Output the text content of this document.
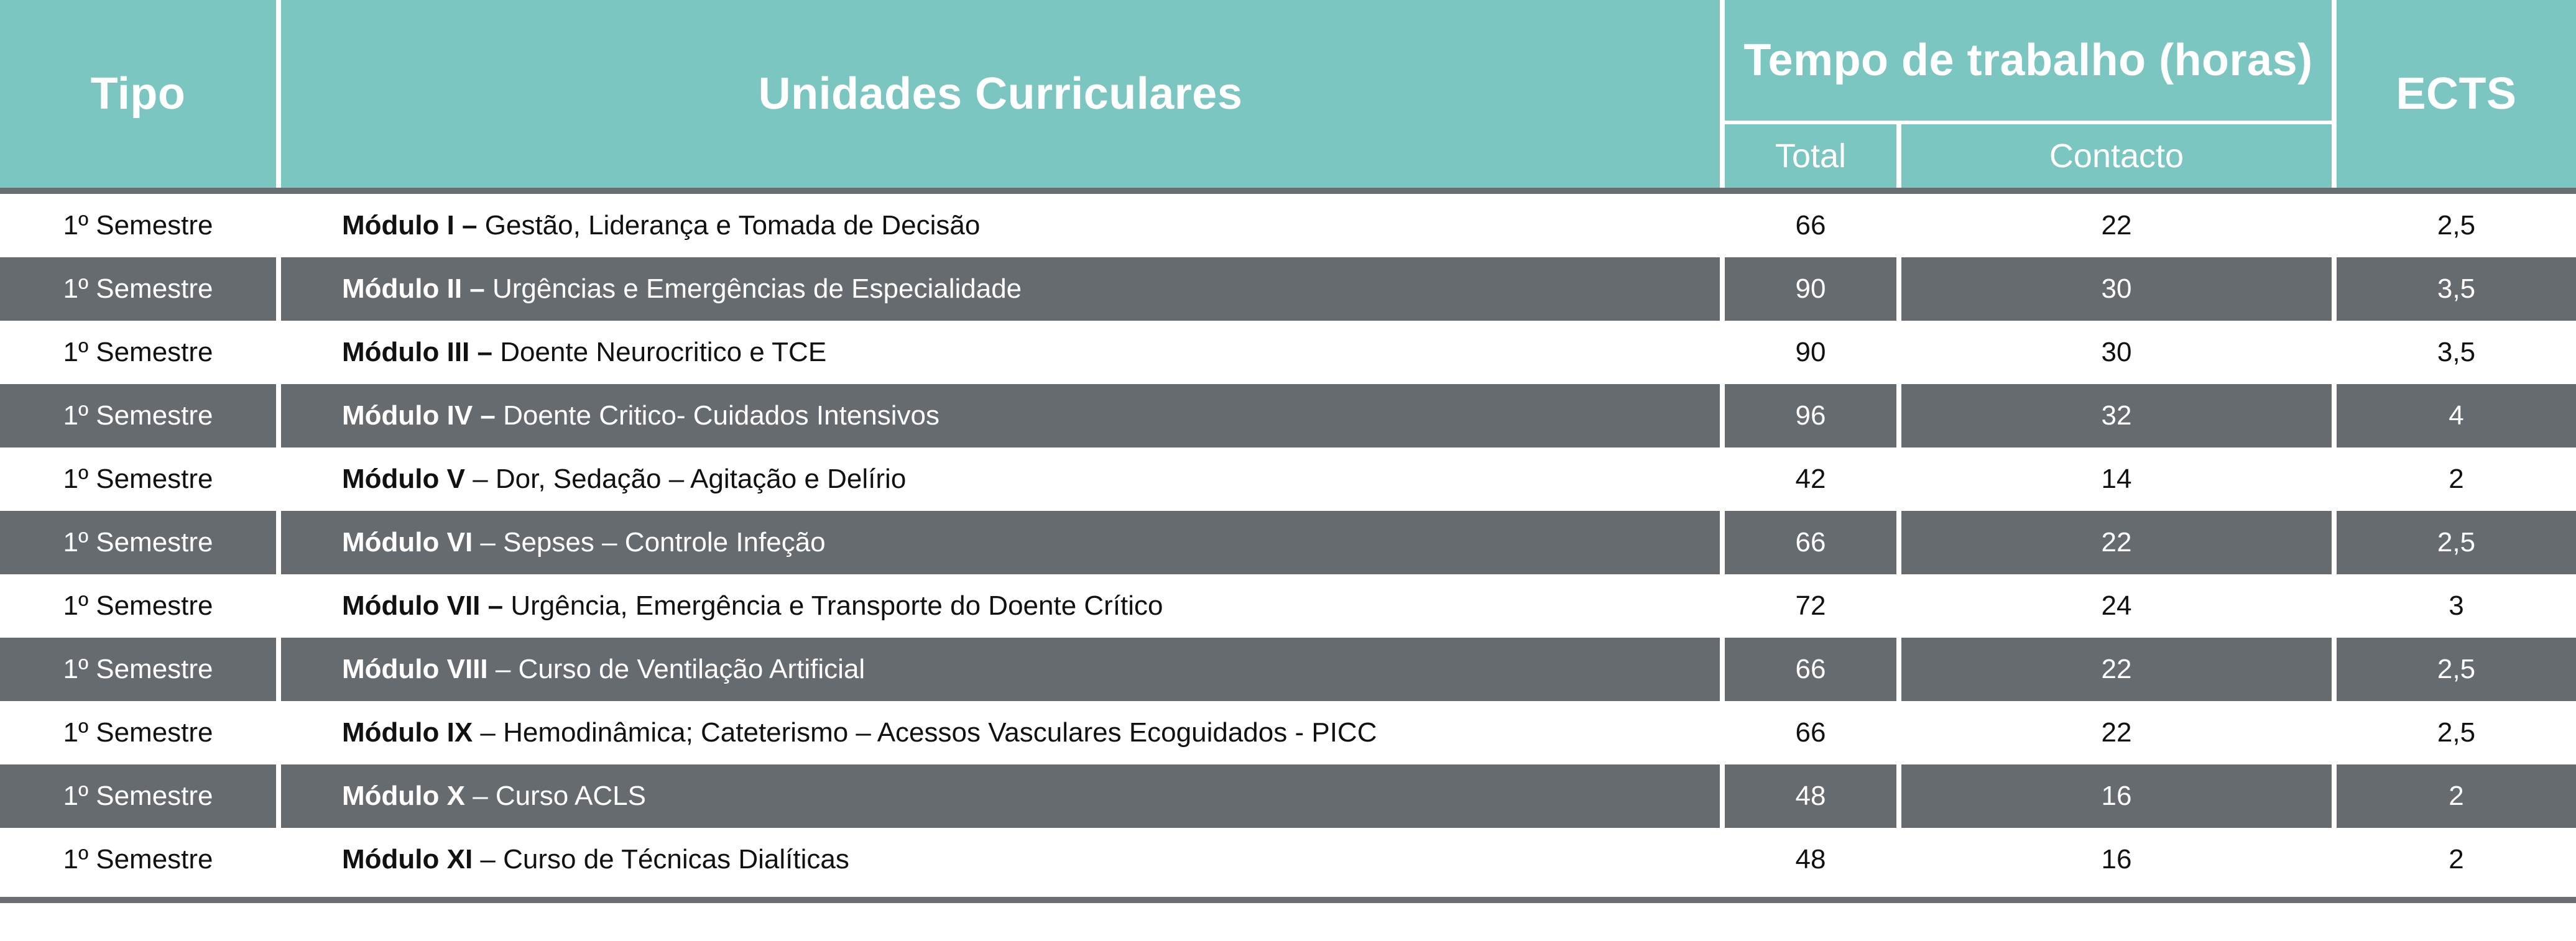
Tipo	Unidades Curriculares	Tempo de trabalho (horas)		ECTS
		Total	Contacto	

1º Semestre	Módulo I – Gestão, Liderança e Tomada de Decisão	66	22	2,5
1º Semestre	Módulo II – Urgências e Emergências de Especialidade	90	30	3,5
1º Semestre	Módulo III – Doente Neurocritico e TCE	90	30	3,5
1º Semestre	Módulo IV – Doente Critico- Cuidados Intensivos	96	32	4
1º Semestre	Módulo V – Dor, Sedação – Agitação e Delírio	42	14	2
1º Semestre	Módulo VI – Sepses – Controle Infeção	66	22	2,5
1º Semestre	Módulo VII – Urgência, Emergência e Transporte do Doente Crítico	72	24	3
1º Semestre	Módulo VIII – Curso de Ventilação Artificial	66	22	2,5
1º Semestre	Módulo IX – Hemodinâmica; Cateterismo – Acessos Vasculares Ecoguidados - PICC	66	22	2,5
1º Semestre	Módulo X – Curso ACLS	48	16	2
1º Semestre	Módulo XI – Curso de Técnicas Dialíticas	48	16	2
